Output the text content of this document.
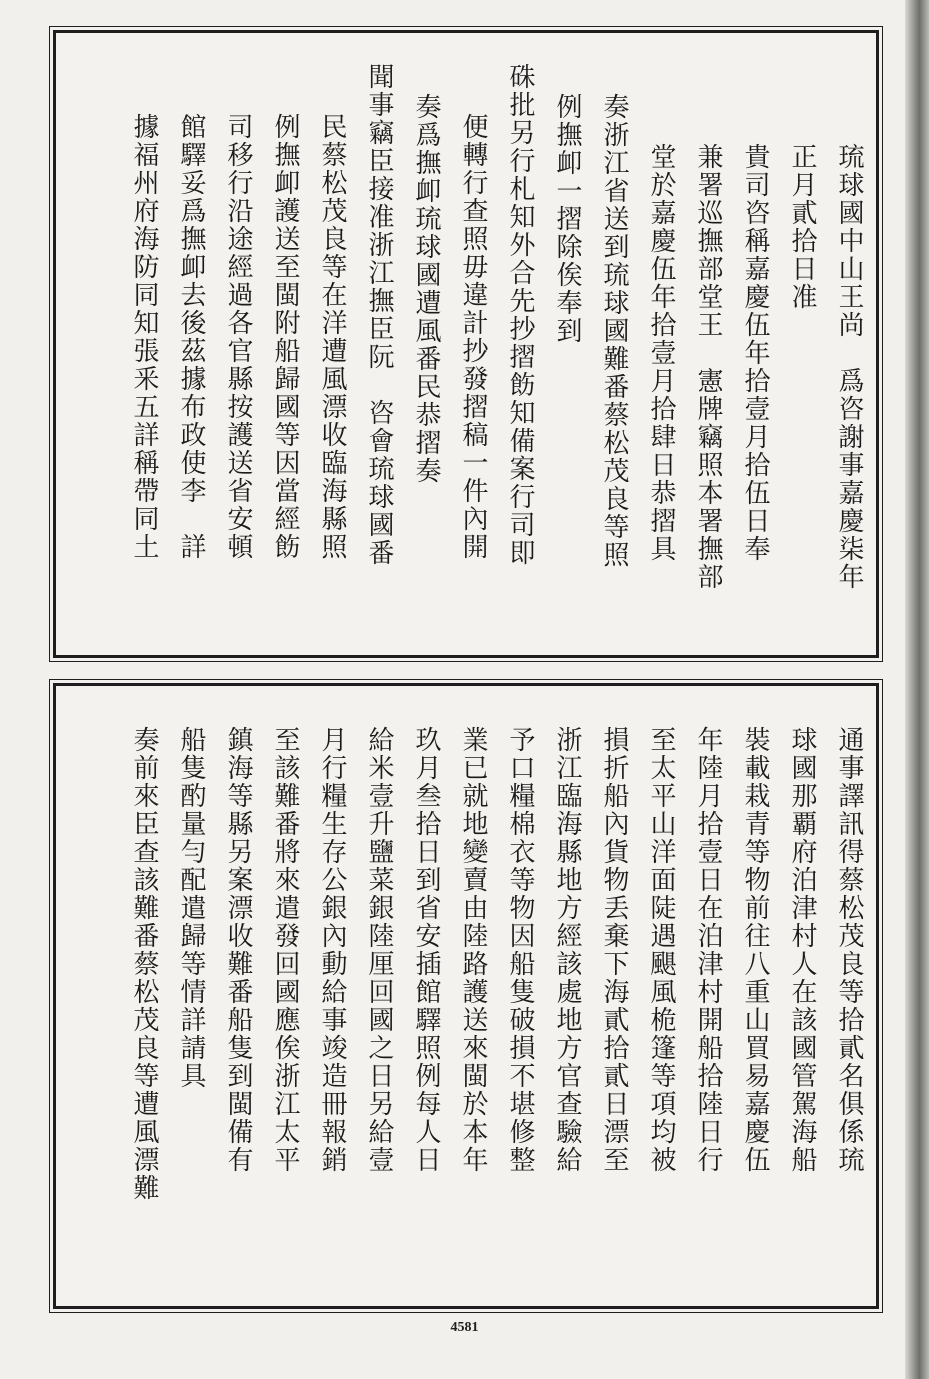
琉球國中山王尚　爲咨謝事嘉慶柒年
正月貳拾日准
貴司咨稱嘉慶伍年拾壹月拾伍日奉
兼署巡撫部堂王　憲牌竊照本署撫部
堂於嘉慶伍年拾壹月拾肆日恭摺具
奏浙江省送到琉球國難番蔡松茂良等照
例撫卹一摺除俟奉到
硃批另行札知外合先抄摺飭知備案行司即
便轉行查照毋違計抄發摺稿一件內開
奏爲撫卹琉球國遭風番民恭摺奏
聞事竊臣接准浙江撫臣阮　咨會琉球國番
民蔡松茂良等在洋遭風漂收臨海縣照
例撫卹護送至閩附船歸國等因當經飭
司移行沿途經過各官縣按護送省安頓
館驛妥爲撫卹去後茲據布政使李　詳
據福州府海防同知張釆五詳稱帶同土
通事譯訊得蔡松茂良等拾貳名俱係琉
球國那覇府泊津村人在該國管駕海船
裝載栽青等物前往八重山買易嘉慶伍
年陸月拾壹日在泊津村開船拾陸日行
至太平山洋面陡遇颶風桅篷等項均被
損折船內貨物丢棄下海貳拾貳日漂至
浙江臨海縣地方經該處地方官查驗給
予口糧棉衣等物因船隻破損不堪修整
業已就地變賣由陸路護送來閩於本年
玖月叁拾日到省安插館驛照例每人日
給米壹升鹽菜銀陸厘回國之日另給壹
月行糧生存公銀內動給事竣造冊報銷
至該難番將來遣發回國應俟浙江太平
鎮海等縣另案漂收難番船隻到閩備有
船隻酌量勻配遣歸等情詳請具
奏前來臣查該難番蔡松茂良等遭風漂難
4581
